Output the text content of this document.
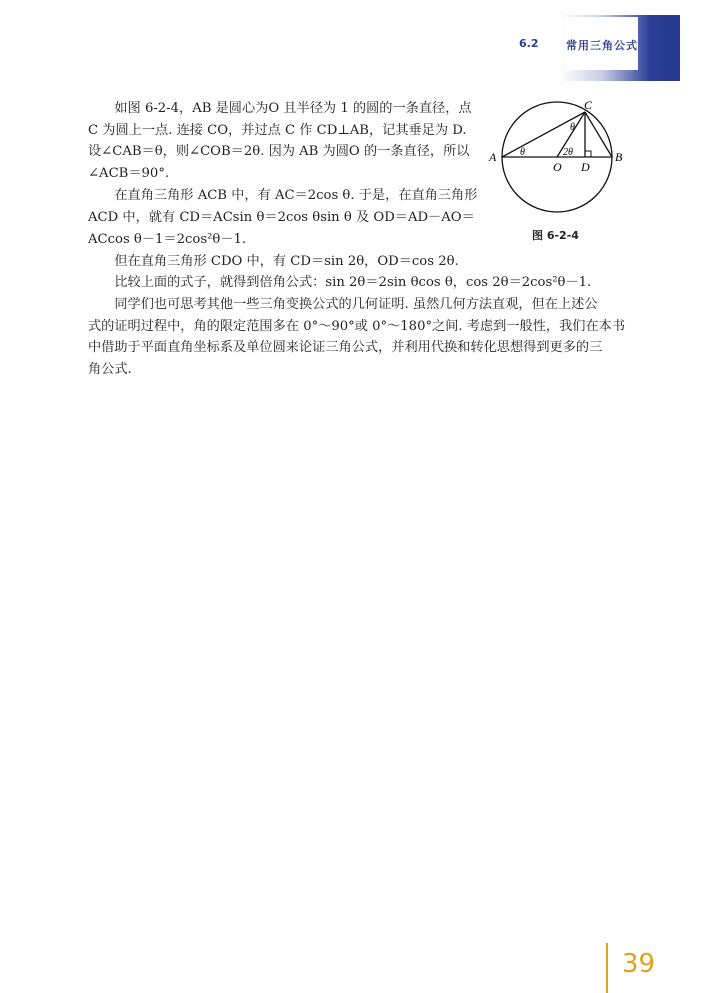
6.2	常用三角公式
　　如图 6-2-4，AB 是圆心为O 且半径为 1 的圆的一条直径，点
C 为圆上一点. 连接 CO，并过点 C 作 CD⊥AB，记其垂足为 D.
设∠CAB＝θ，则∠COB＝2θ. 因为 AB 为圆O 的一条直径，所以
∠ACB＝90°.
　　在直角三角形 ACB 中，有 AC＝2cos θ. 于是，在直角三角形
ACD 中，就有 CD＝ACsin θ＝2cos θsin θ 及 OD＝AD－AO＝
ACcos θ－1＝2cos²θ－1.
　　但在直角三角形 CDO 中，有 CD＝sin 2θ，OD＝cos 2θ.
　　比较上面的式子，就得到倍角公式：sin 2θ＝2sin θcos θ，cos 2θ＝2cos²θ－1.
　　同学们也可思考其他一些三角变换公式的几何证明. 虽然几何方法直观，但在上述公
式的证明过程中，角的限定范围多在 0°～90°或 0°～180°之间. 考虑到一般性，我们在本书
中借助于平面直角坐标系及单位圆来论证三角公式，并利用代换和转化思想得到更多的三
角公式.
A	B
C
O D
θ
θ
2θ
图 6-2-4
39
